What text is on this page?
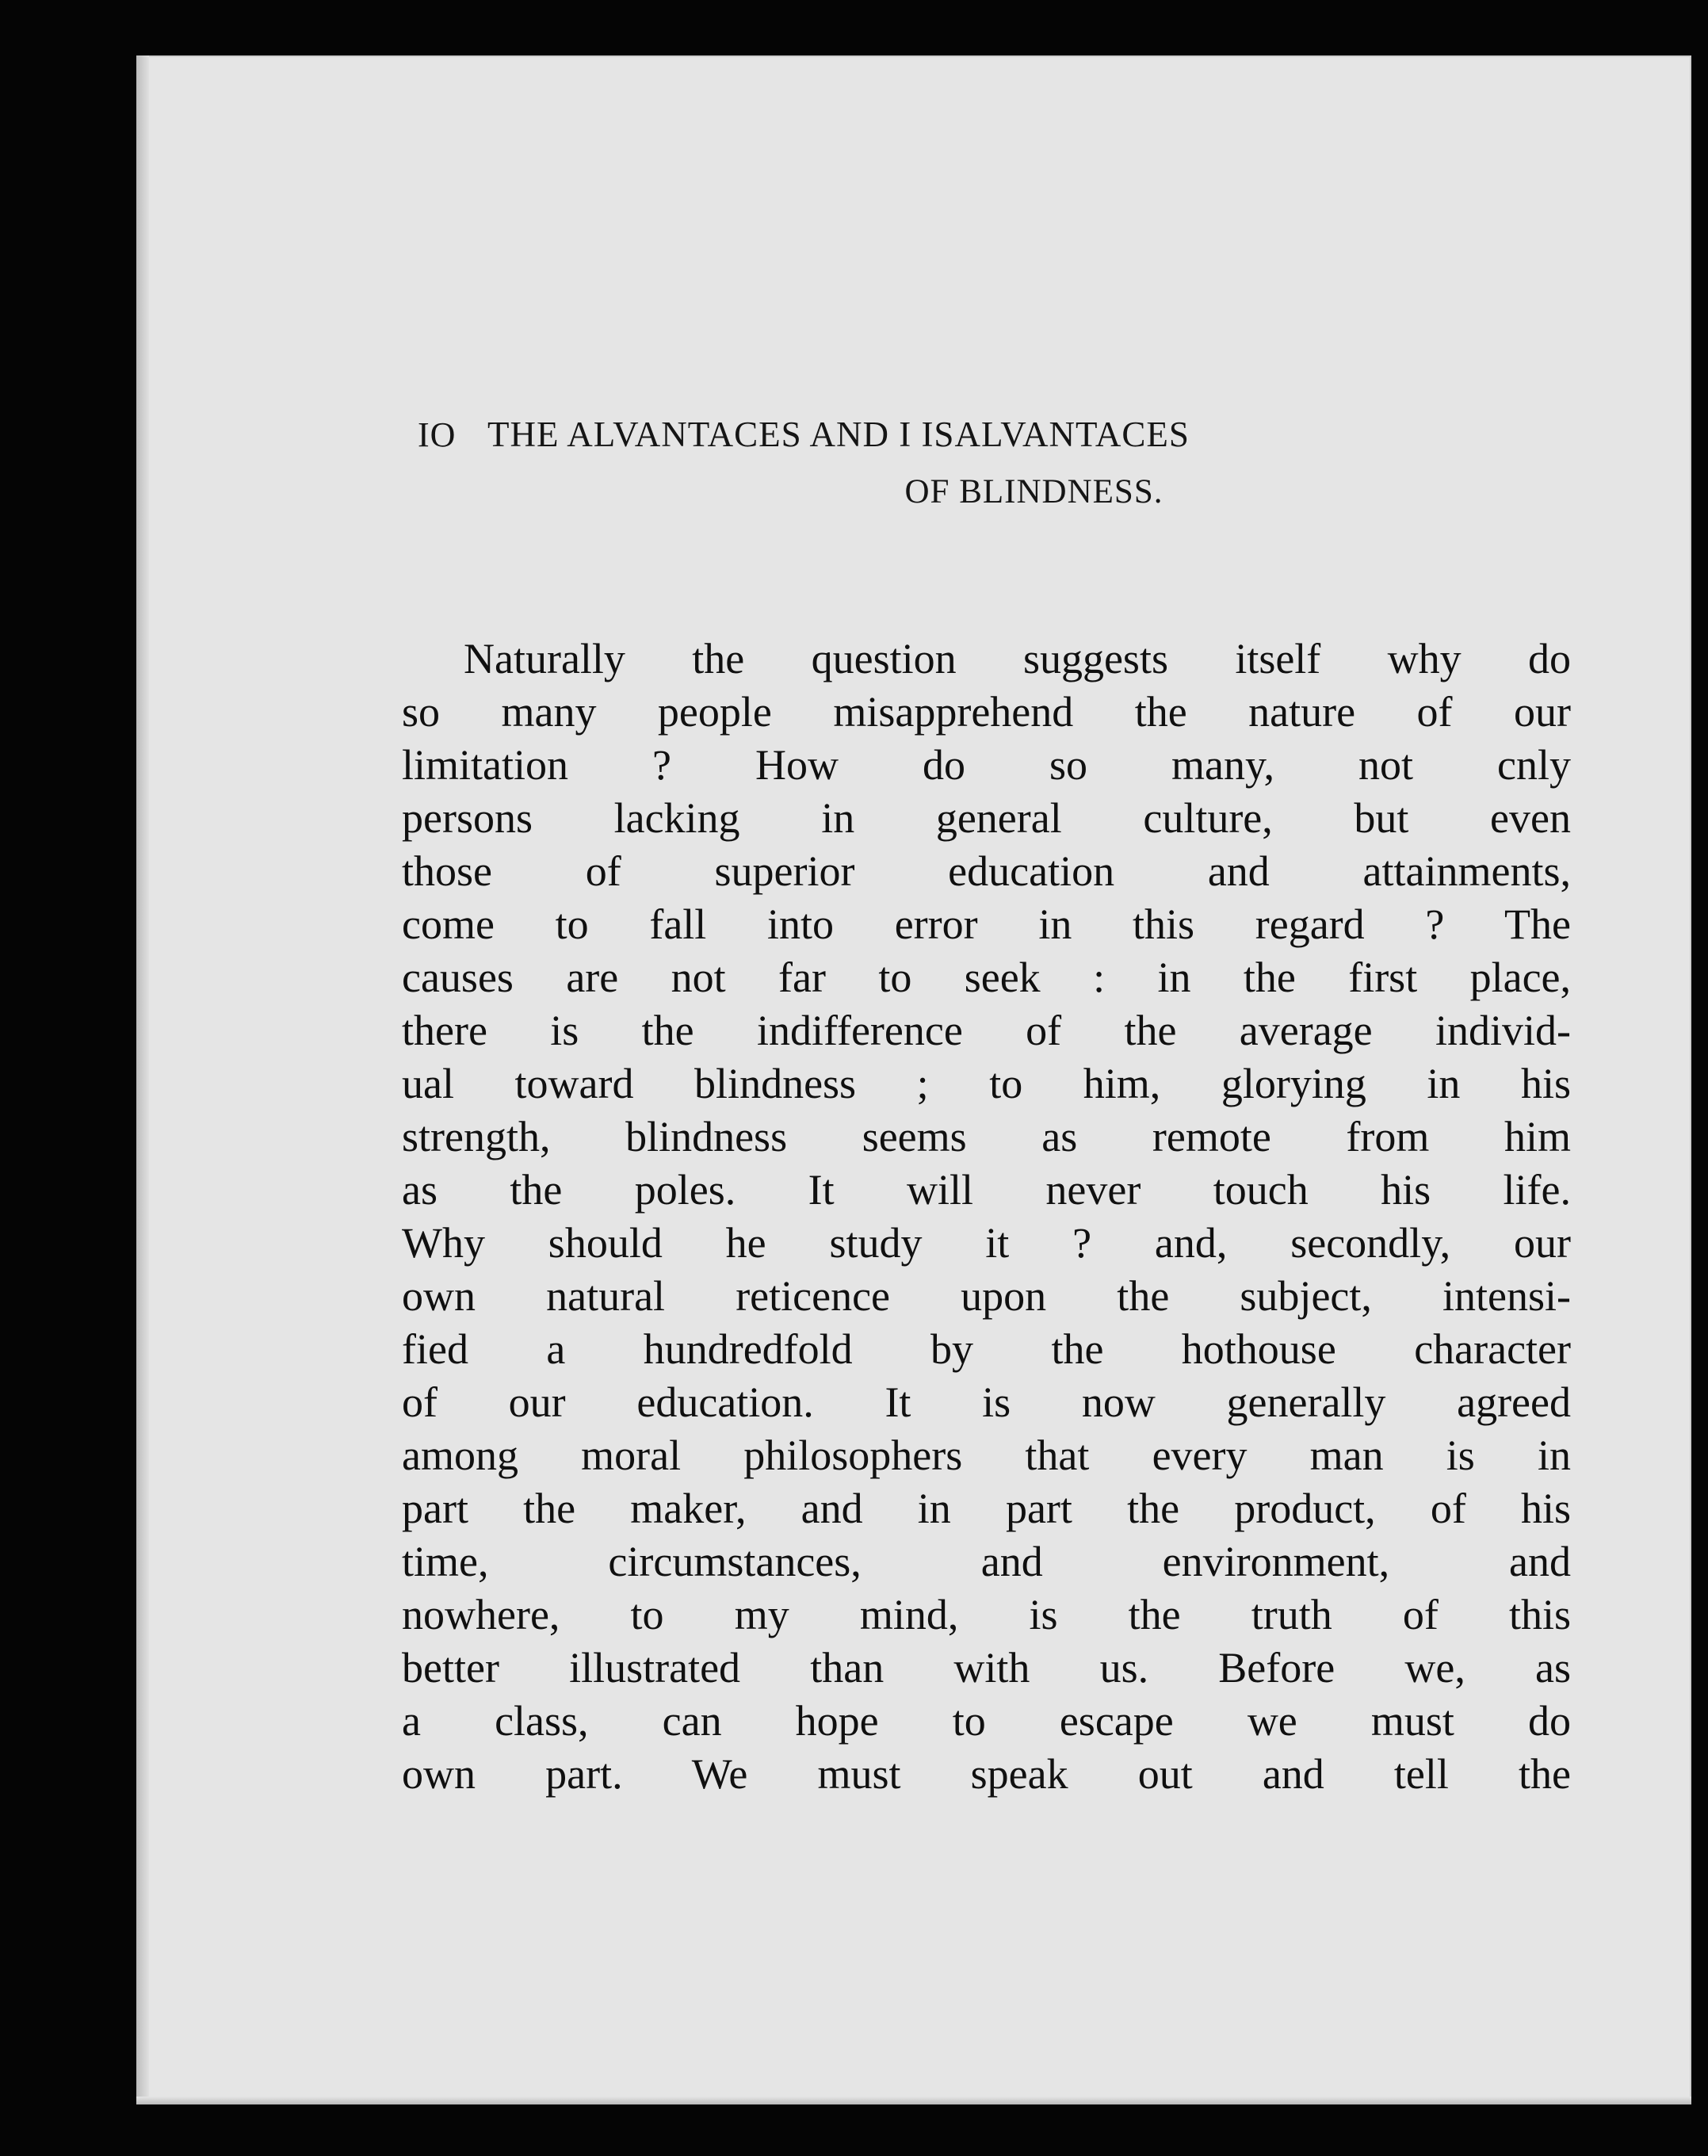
IO THE ALVANTACES AND I ISALVANTACES
OF BLINDNESS.
Naturally the question suggests itself why do
so many people misapprehend the nature of our
limitation ? How do so many, not cnly
persons lacking in general culture, but even
those of superior education and attainments,
come to fall into error in this regard ? The
causes are not far to seek : in the first place,
there is the indifference of the average individ-
ual toward blindness ; to him, glorying in his
strength, blindness seems as remote from him
as the poles. It will never touch his life.
Why should he study it ? and, secondly, our
own natural reticence upon the subject, intensi-
fied a hundredfold by the hothouse character
of our education. It is now generally agreed
among moral philosophers that every man is in
part the maker, and in part the product, of his
time, circumstances, and environment, and
nowhere, to my mind, is the truth of this
better illustrated than with us. Before we, as
a class, can hope to escape we must do
own part. We must speak out and tell the
